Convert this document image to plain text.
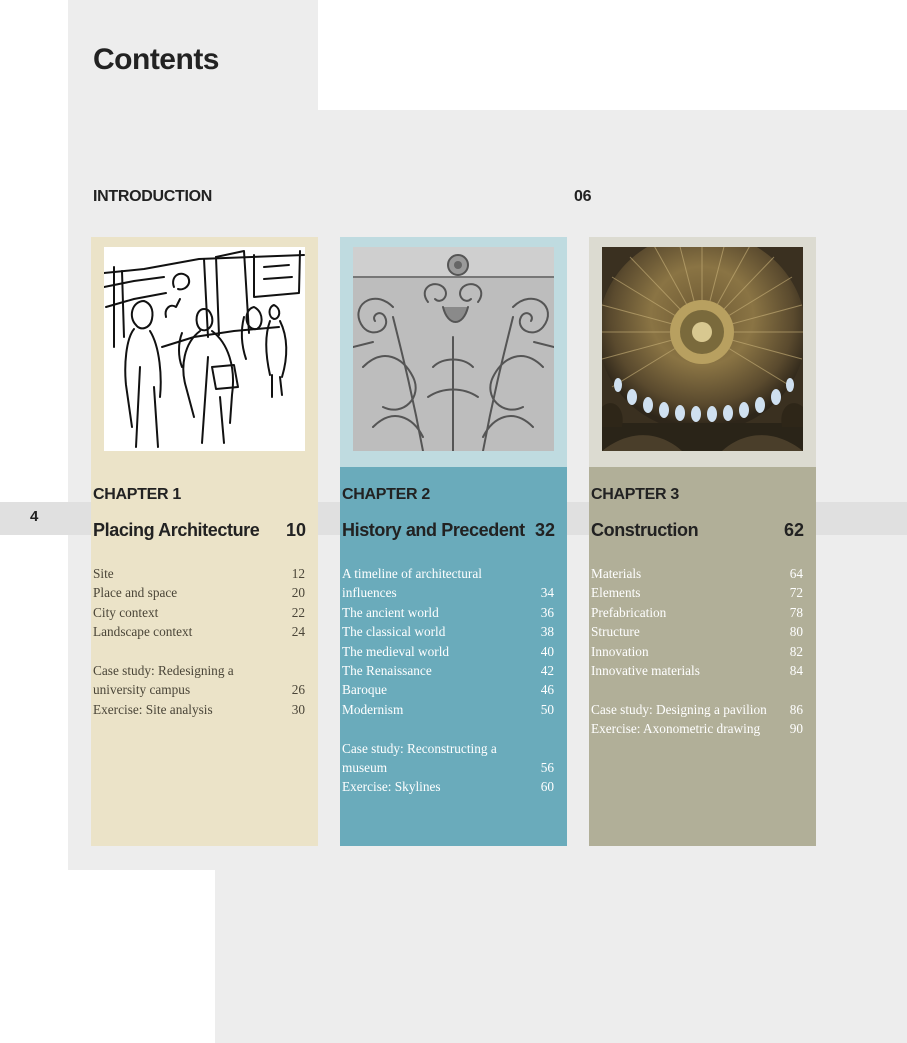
Contents
4
INTRODUCTION	06
CHAPTER 1
Placing Architecture	10
Site	12
Place and space	20
City context	22
Landscape context	24
Case study: Redesigning a university campus	26
Exercise: Site analysis	30
CHAPTER 2
History and Precedent 32
A timeline of architectural influences	34
The ancient world	36
The classical world	38
The medieval world	40
The Renaissance	42
Baroque	46
Modernism	50
Case study: Reconstructing a museum	56
Exercise: Skylines	60
CHAPTER 3
Construction	62
Materials	64
Elements	72
Prefabrication	78
Structure	80
Innovation	82
Innovative materials	84
Case study: Designing a pavilion	86
Exercise: Axonometric drawing	90
